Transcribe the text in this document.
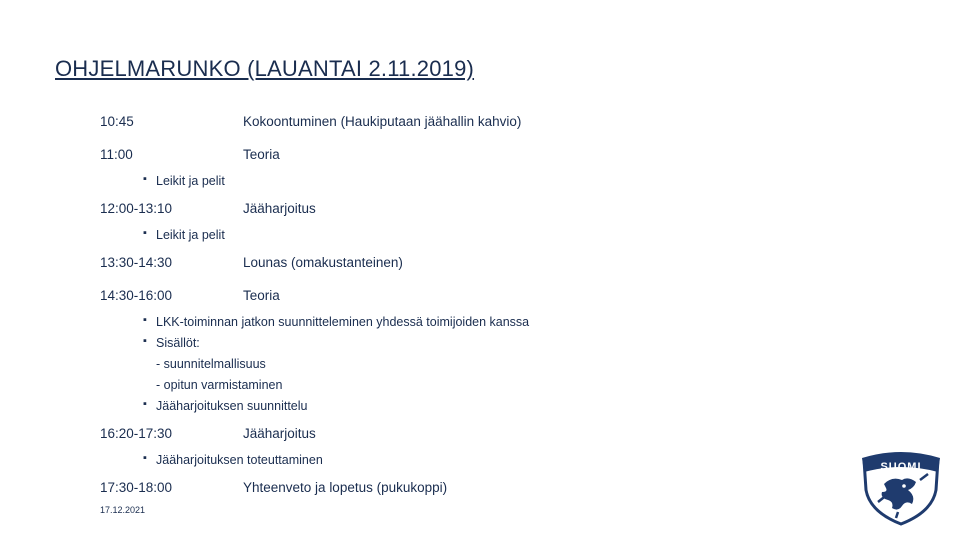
OHJELMARUNKO (LAUANTAI 2.11.2019)
10:45	Kokoontuminen (Haukiputaan jäähallin kahvio)
11:00	Teoria
▪ Leikit ja pelit
12:00-13:10	Jääharjoitus
▪ Leikit ja pelit
13:30-14:30	Lounas (omakustanteinen)
14:30-16:00	Teoria
▪ LKK-toiminnan jatkon suunnitteleminen yhdessä toimijoiden kanssa
▪ Sisällöt:
- suunnitelmallisuus
- opitun varmistaminen
▪ Jääharjoituksen suunnittelu
16:20-17:30	Jääharjoitus
▪ Jääharjoituksen toteuttaminen
17:30-18:00	Yhteenveto ja lopetus (pukukoppi)
17.12.2021
SUOMI
